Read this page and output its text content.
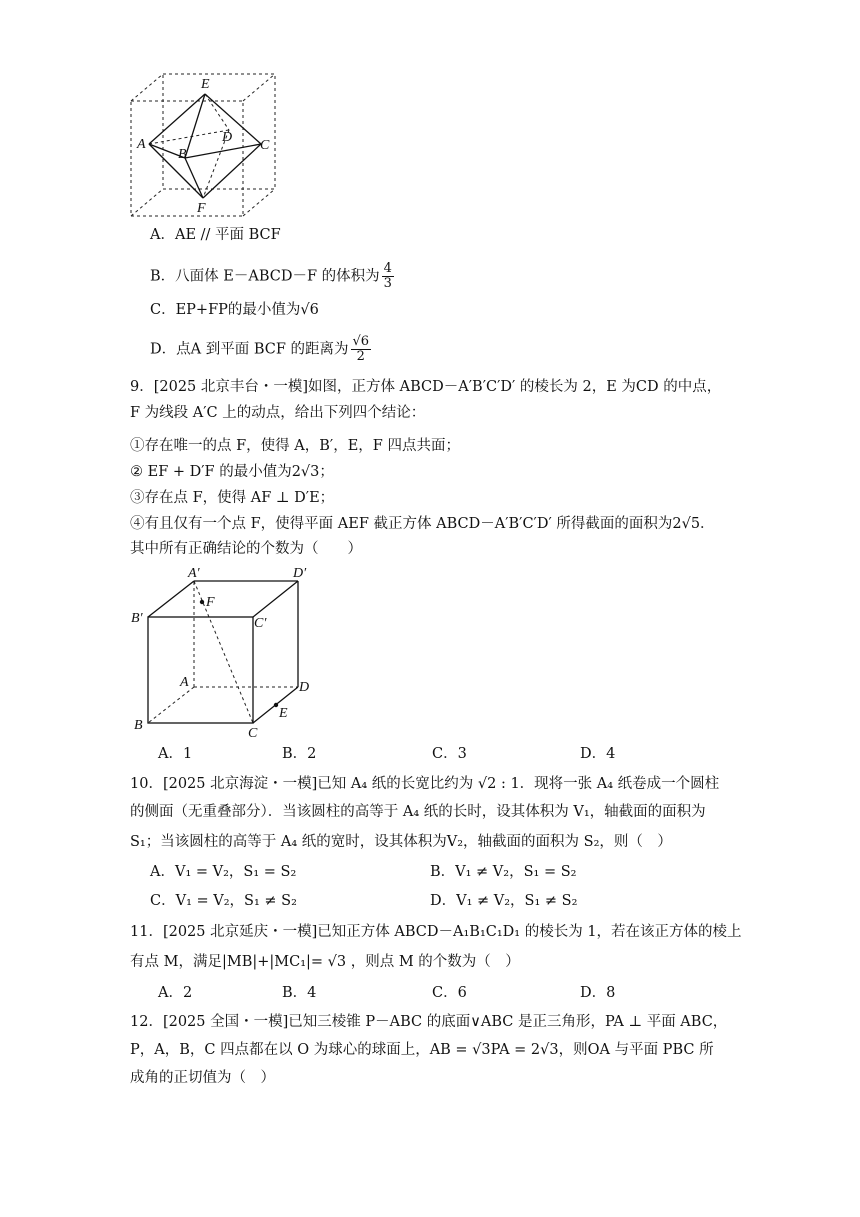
E
A
B
D
C
F
A．AE // 平面 BCF
B．八面体 E－ABCD－F 的体积为 $\frac{4}{3}$
C．EP+FP的最小值为√6
D．点A 到平面 BCF 的距离为 $\frac{√6}{2}$
9．[2025 北京丰台・一模]如图，正方体 ABCD－A′B′C′D′ 的棱长为 2，E 为CD 的中点，
F 为线段 A′C 上的动点，给出下列四个结论：
①存在唯一的点 F，使得 A，B′，E，F 四点共面；
② EF + D′F 的最小值为2√3；
③存在点 F，使得 AF ⊥ D′E；
④有且仅有一个点 F，使得平面 AEF 截正方体 ABCD－A′B′C′D′ 所得截面的面积为2√5．
其中所有正确结论的个数为（　　）
A′	D′
B′	C′
F
A	D
B
C
E
A．1	B．2	C．3	D．4
10．[2025 北京海淀・一模]已知 A₄ 纸的长宽比约为 √2 : 1．现将一张 A₄ 纸卷成一个圆柱
的侧面（无重叠部分）．当该圆柱的高等于 A₄ 纸的长时，设其体积为 V₁，轴截面的面积为
S₁；当该圆柱的高等于 A₄ 纸的宽时，设其体积为V₂，轴截面的面积为 S₂，则（　）
A．V₁ = V₂，S₁ = S₂	B．V₁ ≠ V₂，S₁ = S₂
C．V₁ = V₂，S₁ ≠ S₂	D．V₁ ≠ V₂，S₁ ≠ S₂
11．[2025 北京延庆・一模]已知正方体 ABCD－A₁B₁C₁D₁ 的棱长为 1，若在该正方体的棱上
有点 M，满足|MB|+|MC₁|= √3 ，则点 M 的个数为（　）
A．2	B．4	C．6	D．8
12．[2025 全国・一模]已知三棱锥 P－ABC 的底面∨ABC 是正三角形，PA ⊥ 平面 ABC，
P，A，B，C 四点都在以 O 为球心的球面上，AB = √3PA = 2√3，则OA 与平面 PBC 所
成角的正切值为（　）
